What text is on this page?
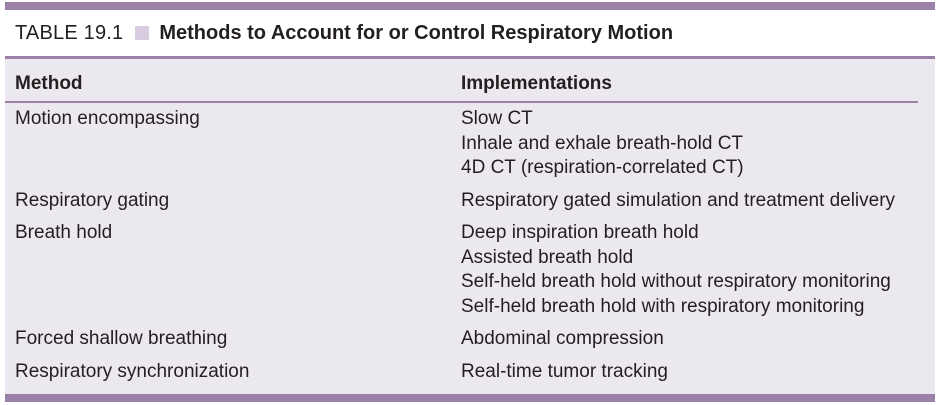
TABLE 19.1 Methods to Account for or Control Respiratory Motion
Method	Implementations
Motion encompassing	Slow CT
Inhale and exhale breath-hold CT
4D CT (respiration-correlated CT)
Respiratory gating	Respiratory gated simulation and treatment delivery
Breath hold	Deep inspiration breath hold
Assisted breath hold
Self-held breath hold without respiratory monitoring
Self-held breath hold with respiratory monitoring
Forced shallow breathing	Abdominal compression
Respiratory synchronization	Real-time tumor tracking
